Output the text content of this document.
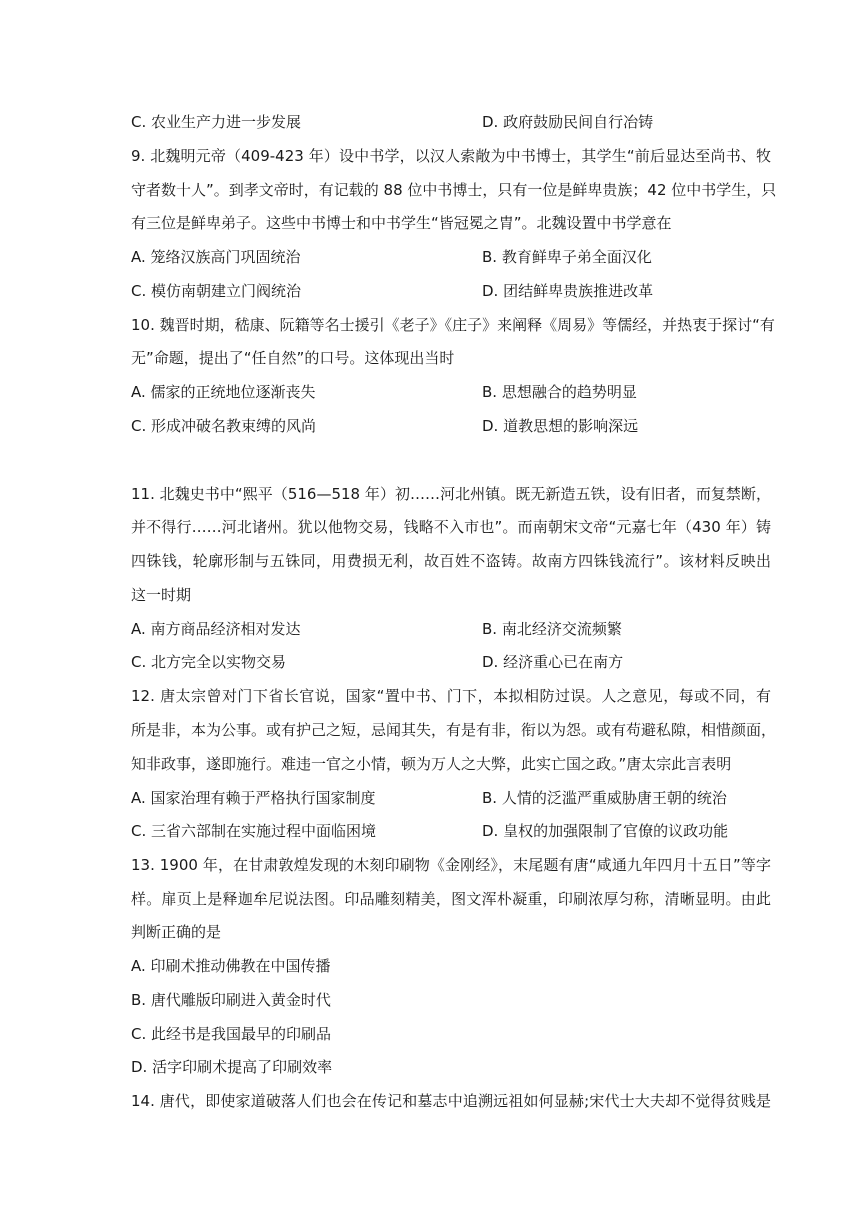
C. 农业生产力进一步发展	D. 政府鼓励民间自行冶铸
9. 北魏明元帝（409-423 年）设中书学，以汉人索敞为中书博士，其学生“前后显达至尚书、牧
守者数十人”。到孝文帝时，有记载的 88 位中书博士，只有一位是鲜卑贵族；42 位中书学生，只
有三位是鲜卑弟子。这些中书博士和中书学生“皆冠冕之胄”。北魏设置中书学意在
A. 笼络汉族高门巩固统治	B. 教育鲜卑子弟全面汉化
C. 模仿南朝建立门阀统治	D. 团结鲜卑贵族推进改革
10. 魏晋时期，嵇康、阮籍等名士援引《老子》《庄子》来阐释《周易》等儒经，并热衷于探讨“有
无”命题，提出了“任自然”的口号。这体现出当时
A. 儒家的正统地位逐渐丧失	B. 思想融合的趋势明显
C. 形成冲破名教束缚的风尚	D. 道教思想的影响深远
11. 北魏史书中“熙平（516—518 年）初……河北州镇。既无新造五铁，设有旧者，而复禁断，
并不得行……河北诸州。犹以他物交易，钱略不入市也”。而南朝宋文帝“元嘉七年（430 年）铸
四铢钱，轮廓形制与五铢同，用费损无利，故百姓不盗铸。故南方四铢钱流行”。该材料反映出
这一时期
A. 南方商品经济相对发达	B. 南北经济交流频繁
C. 北方完全以实物交易	D. 经济重心已在南方
12. 唐太宗曾对门下省长官说，国家“置中书、门下，本拟相防过误。人之意见，每或不同，有
所是非，本为公事。或有护己之短，忌闻其失，有是有非，衔以为怨。或有苟避私隙，相惜颜面，
知非政事，遂即施行。难违一官之小情，顿为万人之大弊，此实亡国之政。”唐太宗此言表明
A. 国家治理有赖于严格执行国家制度	B. 人情的泛滥严重威胁唐王朝的统治
C. 三省六部制在实施过程中面临困境	D. 皇权的加强限制了官僚的议政功能
13. 1900 年，在甘肃敦煌发现的木刻印刷物《金刚经》，末尾题有唐“咸通九年四月十五日”等字
样。扉页上是释迦牟尼说法图。印品雕刻精美，图文浑朴凝重，印刷浓厚匀称，清晰显明。由此
判断正确的是
A. 印刷术推动佛教在中国传播
B. 唐代雕版印刷进入黄金时代
C. 此经书是我国最早的印刷品
D. 活字印刷术提高了印刷效率
14. 唐代，即使家道破落人们也会在传记和墓志中追溯远祖如何显赫;宋代士大夫却不觉得贫贱是
